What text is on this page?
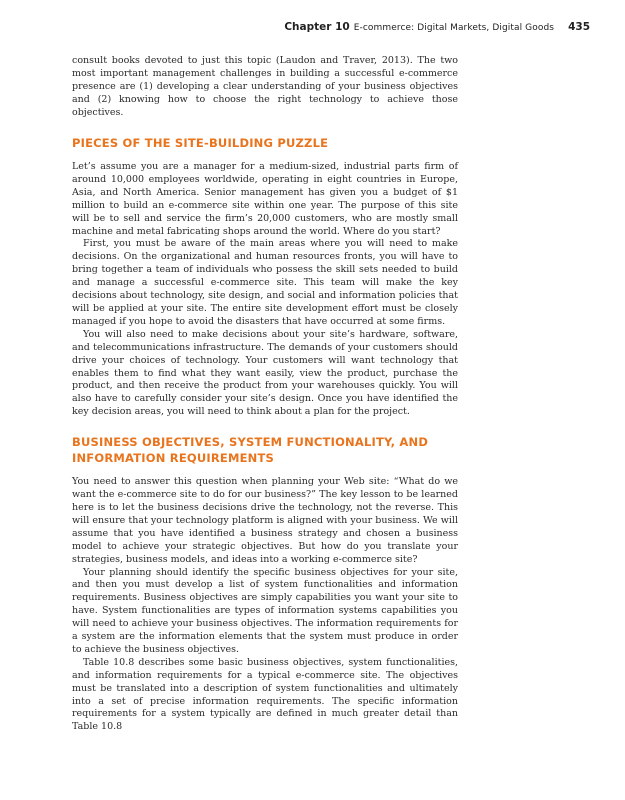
Chapter 10 E-commerce: Digital Markets, Digital Goods 435

consult books devoted to just this topic (Laudon and Traver, 2013). The two most important management challenges in building a successful e-commerce presence are (1) developing a clear understanding of your business objectives and (2) knowing how to choose the right technology to achieve those objectives.

PIECES OF THE SITE-BUILDING PUZZLE

Let’s assume you are a manager for a medium-sized, industrial parts firm of around 10,000 employees worldwide, operating in eight countries in Europe, Asia, and North America. Senior management has given you a budget of $1 million to build an e-commerce site within one year. The purpose of this site will be to sell and service the firm’s 20,000 customers, who are mostly small machine and metal fabricating shops around the world. Where do you start?

First, you must be aware of the main areas where you will need to make decisions. On the organizational and human resources fronts, you will have to bring together a team of individuals who possess the skill sets needed to build and manage a successful e-commerce site. This team will make the key decisions about technology, site design, and social and information policies that will be applied at your site. The entire site development effort must be closely managed if you hope to avoid the disasters that have occurred at some firms.

You will also need to make decisions about your site’s hardware, software, and telecommunications infrastructure. The demands of your customers should drive your choices of technology. Your customers will want technology that enables them to find what they want easily, view the product, purchase the product, and then receive the product from your warehouses quickly. You will also have to carefully consider your site’s design. Once you have identified the key decision areas, you will need to think about a plan for the project.

BUSINESS OBJECTIVES, SYSTEM FUNCTIONALITY, AND INFORMATION REQUIREMENTS

You need to answer this question when planning your Web site: “What do we want the e-commerce site to do for our business?” The key lesson to be learned here is to let the business decisions drive the technology, not the reverse. This will ensure that your technology platform is aligned with your business. We will assume that you have identified a business strategy and chosen a business model to achieve your strategic objectives. But how do you translate your strategies, business models, and ideas into a working e-commerce site?

Your planning should identify the specific business objectives for your site, and then you must develop a list of system functionalities and information requirements. Business objectives are simply capabilities you want your site to have. System functionalities are types of information systems capabilities you will need to achieve your business objectives. The information requirements for a system are the information elements that the system must produce in order to achieve the business objectives.

Table 10.8 describes some basic business objectives, system functionalities, and information requirements for a typical e-commerce site. The objectives must be translated into a description of system functionalities and ultimately into a set of precise information requirements. The specific information requirements for a system typically are defined in much greater detail than Table 10.8
